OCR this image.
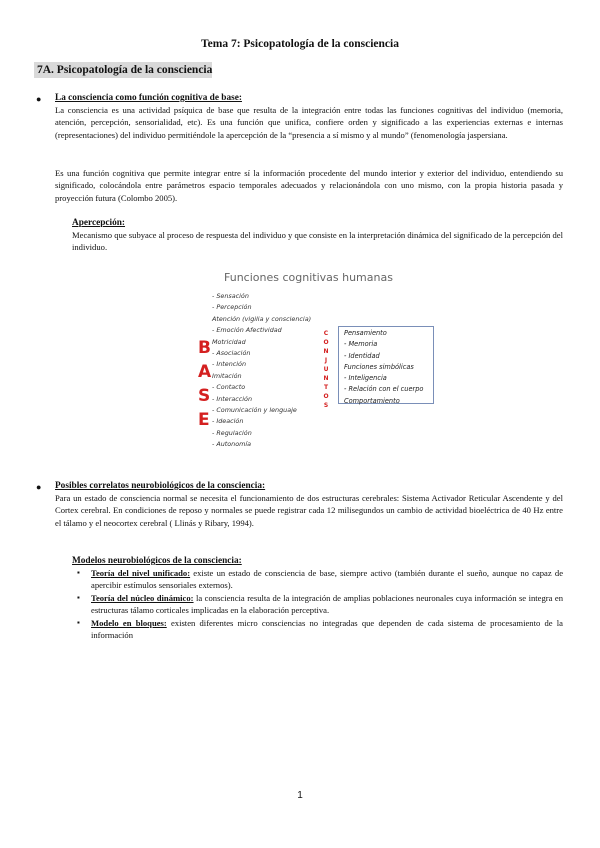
Tema 7: Psicopatología de la consciencia
7A. Psicopatología de la consciencia
● La consciencia como función cognitiva de base:
La consciencia es una actividad psíquica de base que resulta de la integración entre todas las funciones cognitivas del individuo (memoria, atención, percepción, sensorialidad, etc). Es una función que unifica, confiere orden y significado a las experiencias externas e internas (representaciones) del individuo permitiéndole la apercepción de la “presencia a sí mismo y al mundo” (fenomenología jaspersiana.
Es una función cognitiva que permite integrar entre sí la información procedente del mundo interior y exterior del individuo, entendiendo su significado, colocándola entre parámetros espacio temporales adecuados y relacionándola con uno mismo, con la propia historia pasada y proyección futura (Colombo 2005).
Apercepción:
Mecanismo que subyace al proceso de respuesta del individuo y que consiste en la interpretación dinámica del significado de la percepción del individuo.
Funciones cognitivas humanas
B
A
S
E
- Sensación
- Percepción
Atención (vigilia y consciencia)
- Emoción Afectividad
Motricidad
- Asociación
- Intención
Imitación
- Contacto
- Interacción
- Comunicación y lenguaje
- Ideación
- Regulación
- Autonomía
C
O
N
J
U
N
T
O
S
Pensamiento
- Memoria
- Identidad
Funciones simbólicas
- Inteligencia
- Relación con el cuerpo
Comportamiento
● Posibles correlatos neurobiológicos de la consciencia:
Para un estado de consciencia normal se necesita el funcionamiento de dos estructuras cerebrales: Sistema Activador Reticular Ascendente y del Cortex cerebral. En condiciones de reposo y normales se puede registrar cada 12 milisegundos un cambio de actividad bioeléctrica de 40 Hz entre el tálamo y el neocortex cerebral ( Llinás y Ribary, 1994).
Modelos neurobiológicos de la consciencia:
▪ Teoría del nivel unificado: existe un estado de consciencia de base, siempre activo (también durante el sueño, aunque no capaz de apercibir estímulos sensoriales externos).
▪ Teoría del núcleo dinámico: la consciencia resulta de la integración de amplias poblaciones neuronales cuya información se integra en estructuras tálamo corticales implicadas en la elaboración perceptiva.
▪ Modelo en bloques: existen diferentes micro consciencias no integradas que dependen de cada sistema de procesamiento de la información
1
